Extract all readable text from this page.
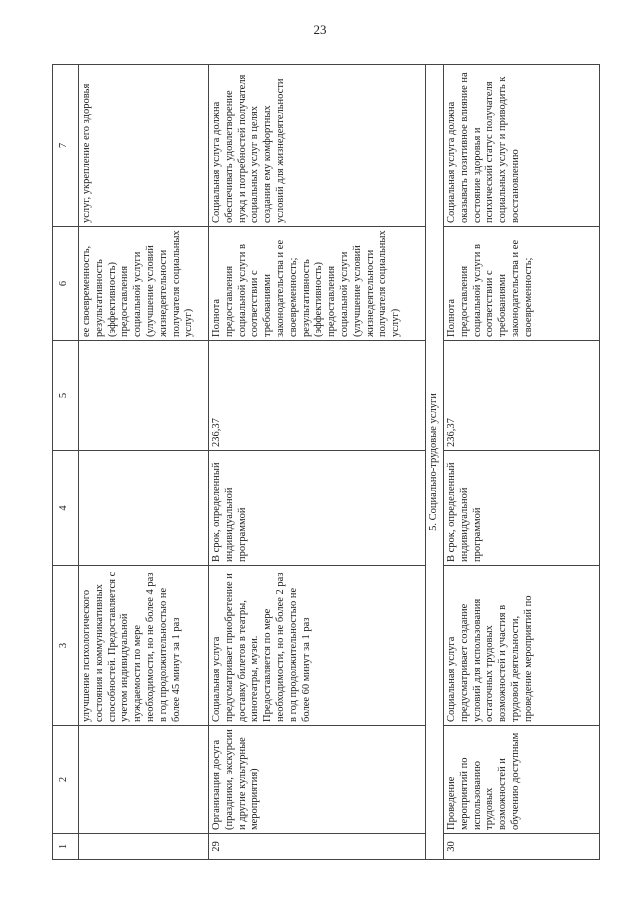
23
1
2
3
4
5
6
7
улучшение психологического состояния и коммуникативных способностей. Предоставляется с учетом индивидуальной нуждаемости по мере необходимости, но не более 4 раз в год продолжительностью не более 45 минут за 1 раз
ее своевременность, результативность (эффективность) предоставления социальной услуги (улучшение условий жизнедеятельности получателя социальных услуг)
услуг, укрепление его здоровья
29
Организация досуга (праздники, экскурсии и другие культурные мероприятия)
Социальная услуга предусматривает приобретение и доставку билетов в театры, кинотеатры, музеи. Предоставляется по мере необходимости, но не более 2 раз в год продолжительностью не более 60 минут за 1 раз
В срок, определенный индивидуальной программой
236,37
Полнота предоставления социальной услуги в соответствии с требованиями законодательства и ее своевременность; результативность (эффективность) предоставления социальной услуги (улучшение условий жизнедеятельности получателя социальных услуг)
Социальная услуга должна обеспечивать удовлетворение нужд и потребностей получателя социальных услуг в целях создания ему комфортных условий для жизнедеятельности
5. Социально-трудовые услуги
30
Проведение мероприятий по использованию трудовых возможностей и обучению доступным
Социальная услуга предусматривает создание условий для использования остаточных трудовых возможностей и участия в трудовой деятельности, проведение мероприятий по
В срок, определенный индивидуальной программой
236,37
Полнота предоставления социальной услуги в соответствии с требованиями законодательства и ее своевременность;
Социальная услуга должна оказывать позитивное влияние на состояние здоровья и психический статус получателя социальных услуг и приводить к восстановлению
